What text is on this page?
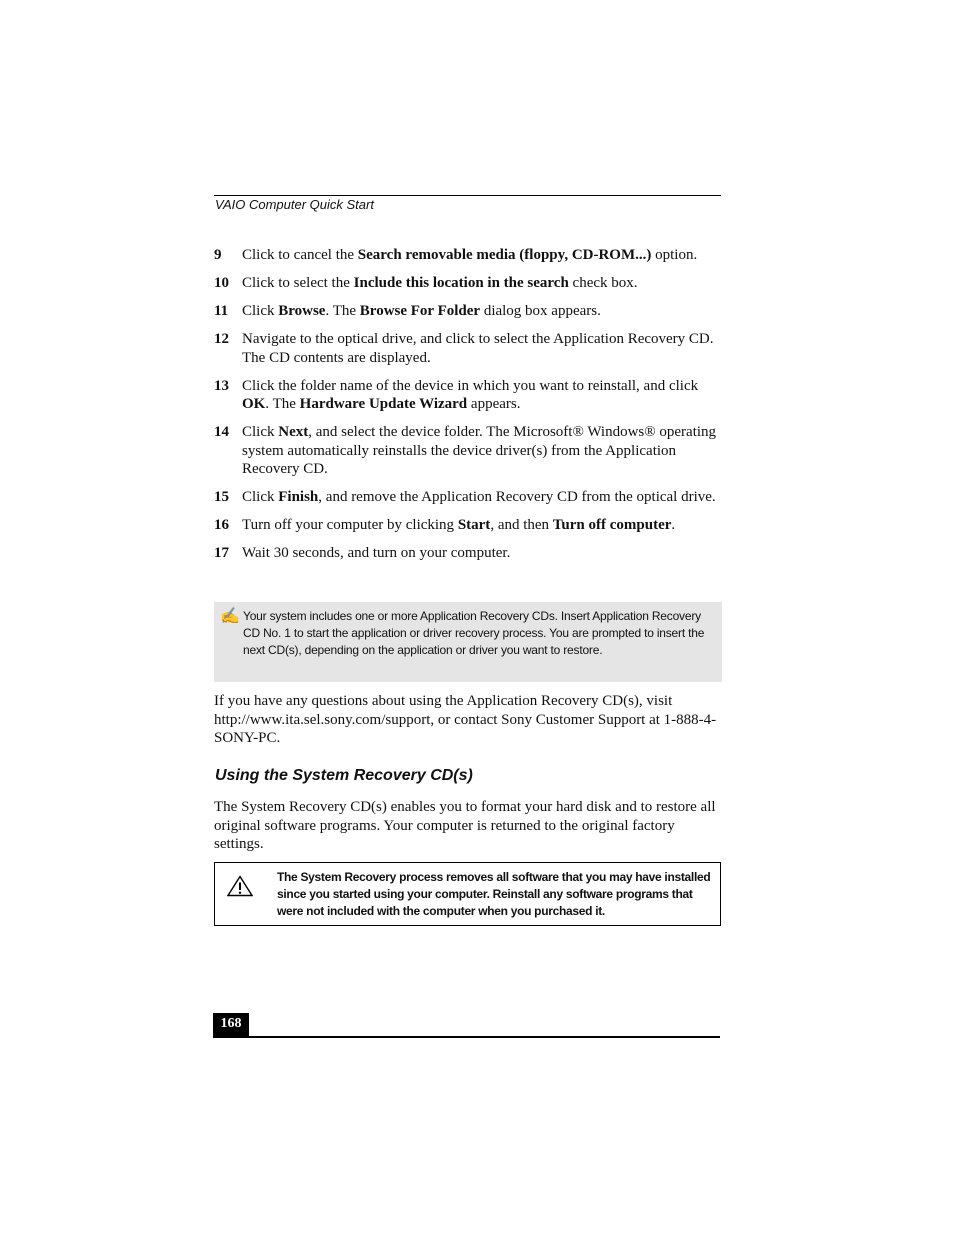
VAIO Computer Quick Start
9	Click to cancel the Search removable media (floppy, CD-ROM...) option.
10 Click to select the Include this location in the search check box.
11 Click Browse. The Browse For Folder dialog box appears.
12 Navigate to the optical drive, and click to select the Application Recovery CD. The CD contents are displayed.
13 Click the folder name of the device in which you want to reinstall, and click OK. The Hardware Update Wizard appears.
14 Click Next, and select the device folder. The Microsoft® Windows® operating system automatically reinstalls the device driver(s) from the Application Recovery CD.
15 Click Finish, and remove the Application Recovery CD from the optical drive.
16 Turn off your computer by clicking Start, and then Turn off computer.
17 Wait 30 seconds, and turn on your computer.
✍ Your system includes one or more Application Recovery CDs. Insert Application Recovery CD No. 1 to start the application or driver recovery process. You are prompted to insert the next CD(s), depending on the application or driver you want to restore.

If you have any questions about using the Application Recovery CD(s), visit http://www.ita.sel.sony.com/support, or contact Sony Customer Support at 1-888-4-SONY-PC.

Using the System Recovery CD(s)

The System Recovery CD(s) enables you to format your hard disk and to restore all original software programs. Your computer is returned to the original factory settings.

The System Recovery process removes all software that you may have installed since you started using your computer. Reinstall any software programs that were not included with the computer when you purchased it.
168
